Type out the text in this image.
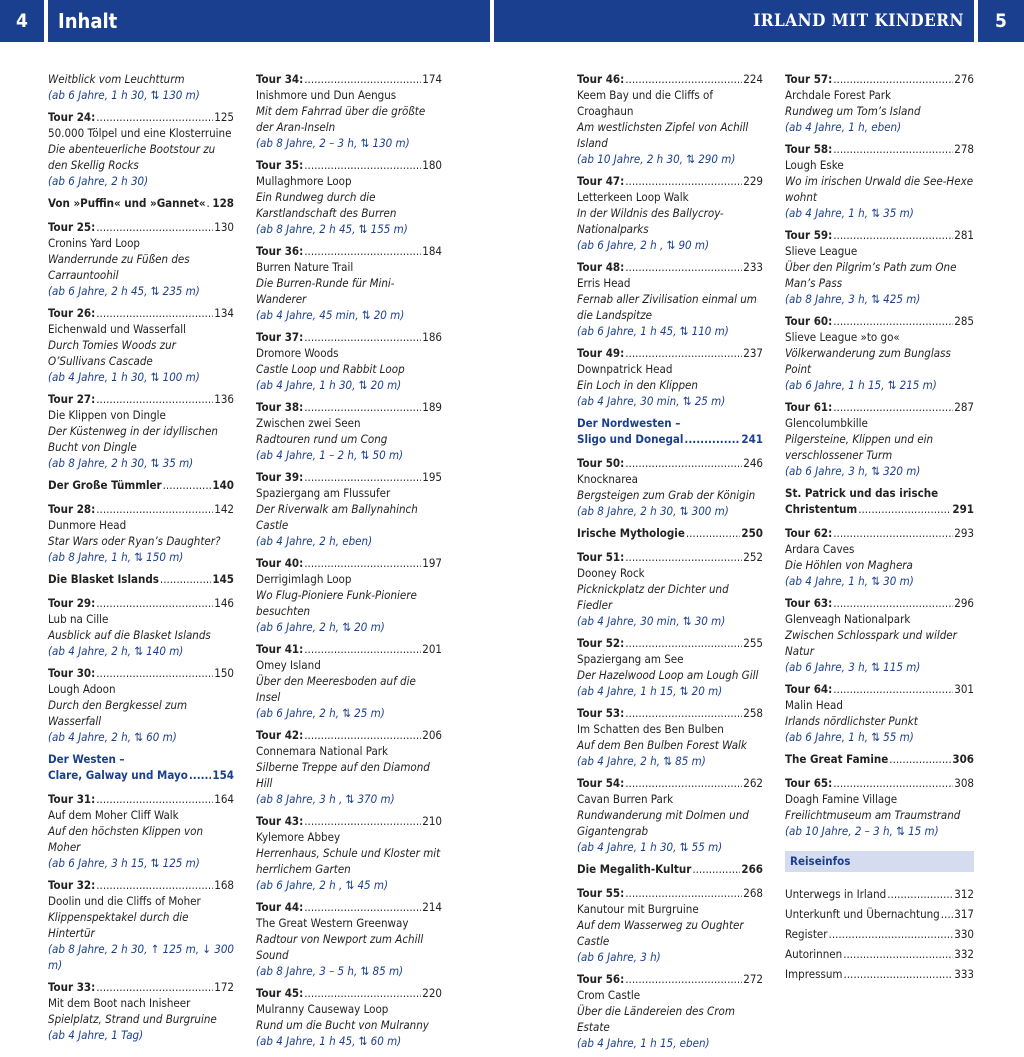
4	Inhalt	IRLAND MIT KINDERN	5
Weitblick vom Leuchtturm
(ab 6 Jahre, 1 h 30, ⇅ 130 m)
Tour 24: .....	125
50.000 Tölpel und eine Klosterruine
Die abenteuerliche Bootstour zu den Skellig Rocks
(ab 6 Jahre, 2 h 30)
Von »Puffin« und »Gannet« ..... 128
Tour 25: .....	130
Cronins Yard Loop
Wanderrunde zu Füßen des Carrauntoohil
(ab 6 Jahre, 2 h 45, ⇅ 235 m)
Tour 26: .....	134
Eichenwald und Wasserfall
Durch Tomies Woods zur O’Sullivans Cascade
(ab 4 Jahre, 1 h 30, ⇅ 100 m)
Tour 27: .....	136
Die Klippen von Dingle
Der Küstenweg in der idyllischen Bucht von Dingle
(ab 8 Jahre, 2 h 30, ⇅ 35 m)
Der Große Tümmler .....	140
Tour 28: .....	142
Dunmore Head
Star Wars oder Ryan’s Daughter?
(ab 8 Jahre, 1 h, ⇅ 150 m)
Die Blasket Islands .....	145
Tour 29: .....	146
Lub na Cille
Ausblick auf die Blasket Islands
(ab 4 Jahre, 2 h, ⇅ 140 m)
Tour 30: .....	150
Lough Adoon
Durch den Bergkessel zum Wasserfall
(ab 4 Jahre, 2 h, ⇅ 60 m)
Der Westen –
Clare, Galway und Mayo ..... 154
Tour 31: .....	164
Auf dem Moher Cliff Walk
Auf den höchsten Klippen von Moher
(ab 6 Jahre, 3 h 15, ⇅ 125 m)
Tour 32: .....	168
Doolin und die Cliffs of Moher
Klippenspektakel durch die Hintertür
(ab 8 Jahre, 2 h 30, ↑ 125 m, ↓ 300 m)
Tour 33: .....	172
Mit dem Boot nach Inisheer
Spielplatz, Strand und Burgruine
(ab 4 Jahre, 1 Tag)
Tour 34: .....	174
Inishmore und Dun Aengus
Mit dem Fahrrad über die größte der Aran-Inseln
(ab 8 Jahre, 2 – 3 h, ⇅ 130 m)
Tour 35: .....	180
Mullaghmore Loop
Ein Rundweg durch die Karstlandschaft des Burren
(ab 8 Jahre, 2 h 45, ⇅ 155 m)
Tour 36: .....	184
Burren Nature Trail
Die Burren-Runde für Mini-Wanderer
(ab 4 Jahre, 45 min, ⇅ 20 m)
Tour 37: .....	186
Dromore Woods
Castle Loop und Rabbit Loop
(ab 4 Jahre, 1 h 30, ⇅ 20 m)
Tour 38: .....	189
Zwischen zwei Seen
Radtouren rund um Cong
(ab 4 Jahre, 1 – 2 h, ⇅ 50 m)
Tour 39: .....	195
Spaziergang am Flussufer
Der Riverwalk am Ballynahinch Castle
(ab 4 Jahre, 2 h, eben)
Tour 40: .....	197
Derrigimlagh Loop
Wo Flug-Pioniere Funk-Pioniere besuchten
(ab 6 Jahre, 2 h, ⇅ 20 m)
Tour 41: .....	201
Omey Island
Über den Meeresboden auf die Insel
(ab 6 Jahre, 2 h, ⇅ 25 m)
Tour 42: .....	206
Connemara National Park
Silberne Treppe auf den Diamond Hill
(ab 8 Jahre, 3 h , ⇅ 370 m)
Tour 43: .....	210
Kylemore Abbey
Herrenhaus, Schule und Kloster mit herrlichem Garten
(ab 6 Jahre, 2 h , ⇅ 45 m)
Tour 44: .....	214
The Great Western Greenway
Radtour von Newport zum Achill Sound
(ab 8 Jahre, 3 – 5 h, ⇅ 85 m)
Tour 45: .....	220
Mulranny Causeway Loop
Rund um die Bucht von Mulranny
(ab 4 Jahre, 1 h 45, ⇅ 60 m)
Tour 46: .....	224
Keem Bay und die Cliffs of Croaghaun
Am westlichsten Zipfel von Achill Island
(ab 10 Jahre, 2 h 30, ⇅ 290 m)
Tour 47: .....	229
Letterkeen Loop Walk
In der Wildnis des Ballycroy-Nationalparks
(ab 6 Jahre, 2 h , ⇅ 90 m)
Tour 48: .....	233
Erris Head
Fernab aller Zivilisation einmal um die Landspitze
(ab 6 Jahre, 1 h 45, ⇅ 110 m)
Tour 49: .....	237
Downpatrick Head
Ein Loch in den Klippen
(ab 4 Jahre, 30 min, ⇅ 25 m)
Der Nordwesten –
Sligo und Donegal .....	241
Tour 50: .....	246
Knocknarea
Bergsteigen zum Grab der Königin
(ab 8 Jahre, 2 h 30, ⇅ 300 m)
Irische Mythologie .....	250
Tour 51: .....	252
Dooney Rock
Picknickplatz der Dichter und Fiedler
(ab 4 Jahre, 30 min, ⇅ 30 m)
Tour 52: .....	255
Spaziergang am See
Der Hazelwood Loop am Lough Gill
(ab 4 Jahre, 1 h 15, ⇅ 20 m)
Tour 53: .....	258
Im Schatten des Ben Bulben
Auf dem Ben Bulben Forest Walk
(ab 4 Jahre, 2 h, ⇅ 85 m)
Tour 54: .....	262
Cavan Burren Park
Rundwanderung mit Dolmen und Gigantengrab
(ab 4 Jahre, 1 h 30, ⇅ 55 m)
Die Megalith-Kultur .....	266
Tour 55: .....	268
Kanutour mit Burgruine
Auf dem Wasserweg zu Oughter Castle
(ab 6 Jahre, 3 h)
Tour 56: .....	272
Crom Castle
Über die Ländereien des Crom Estate
(ab 4 Jahre, 1 h 15, eben)
Tour 57: .....	276
Archdale Forest Park
Rundweg um Tom’s Island
(ab 4 Jahre, 1 h, eben)
Tour 58: .....	278
Lough Eske
Wo im irischen Urwald die See-Hexe wohnt
(ab 4 Jahre, 1 h, ⇅ 35 m)
Tour 59: .....	281
Slieve League
Über den Pilgrim’s Path zum One Man’s Pass
(ab 8 Jahre, 3 h, ⇅ 425 m)
Tour 60: .....	285
Slieve League »to go«
Völkerwanderung zum Bunglass Point
(ab 6 Jahre, 1 h 15, ⇅ 215 m)
Tour 61: .....	287
Glencolumbkille
Pilgersteine, Klippen und ein verschlossener Turm
(ab 6 Jahre, 3 h, ⇅ 320 m)
St. Patrick und das irische
Christentum .....	291
Tour 62: .....	293
Ardara Caves
Die Höhlen von Maghera
(ab 4 Jahre, 1 h, ⇅ 30 m)
Tour 63: .....	296
Glenveagh Nationalpark
Zwischen Schlosspark und wilder Natur
(ab 6 Jahre, 3 h, ⇅ 115 m)
Tour 64: .....	301
Malin Head
Irlands nördlichster Punkt
(ab 6 Jahre, 1 h, ⇅ 55 m)
The Great Famine .....	306
Tour 65: .....	308
Doagh Famine Village
Freilichtmuseum am Traumstrand
(ab 10 Jahre, 2 – 3 h, ⇅ 15 m)
Reiseinfos
Unterwegs in Irland .....	312
Unterkunft und Übernachtung ..... 317
Register .....	330
Autorinnen .....	332
Impressum .....	333
